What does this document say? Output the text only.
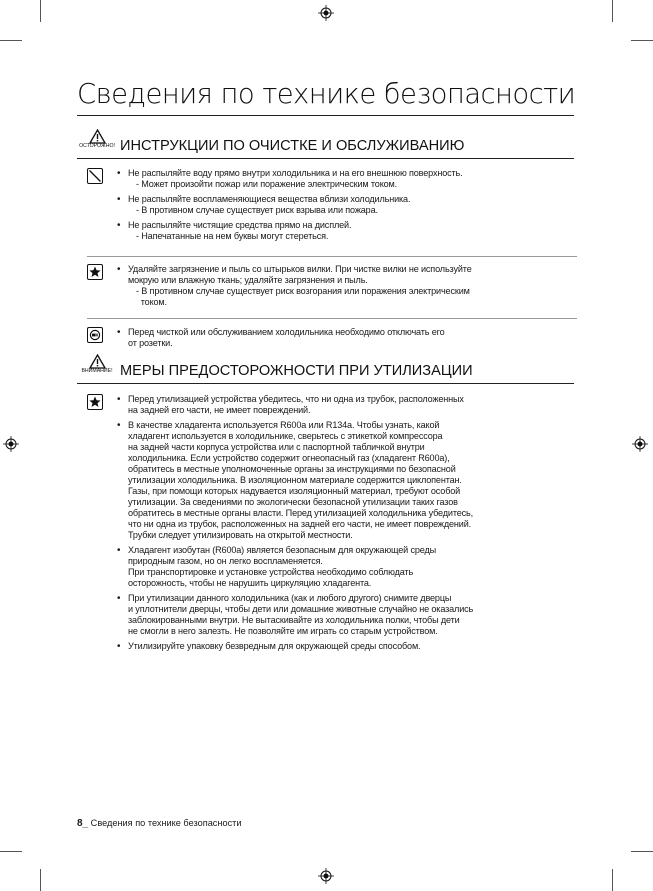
Сведения по технике безопасности
ОСТОРОЖНО! ИНСТРУКЦИИ ПО ОЧИСТКЕ И ОБСЛУЖИВАНИЮ
• Не распыляйте воду прямо внутри холодильника и на его внешнюю поверхность.
- Может произойти пожар или поражение электрическим током.
• Не распыляйте воспламеняющиеся вещества вблизи холодильника.
- В противном случае существует риск взрыва или пожара.
• Не распыляйте чистящие средства прямо на дисплей.
- Напечатанные на нем буквы могут стереться.
• Удаляйте загрязнение и пыль со штырьков вилки. При чистке вилки не используйте
мокрую или влажную ткань; удаляйте загрязнения и пыль.
- В противном случае существует риск возгорания или поражения электрическим
током.
• Перед чисткой или обслуживанием холодильника необходимо отключать его
от розетки.
ВНИМАНИЕ! МЕРЫ ПРЕДОСТОРОЖНОСТИ ПРИ УТИЛИЗАЦИИ
• Перед утилизацией устройства убедитесь, что ни одна из трубок, расположенных
на задней его части, не имеет повреждений.
• В качестве хладагента используется R600a или R134a. Чтобы узнать, какой
хладагент используется в холодильнике, сверьтесь с этикеткой компрессора
на задней части корпуса устройства или с паспортной табличкой внутри
холодильника. Если устройство содержит огнеопасный газ (хладагент R600a),
обратитесь в местные уполномоченные органы за инструкциями по безопасной
утилизации холодильника. В изоляционном материале содержится циклопентан.
Газы, при помощи которых надувается изоляционный материал, требуют особой
утилизации. За сведениями по экологически безопасной утилизации таких газов
обратитесь в местные органы власти. Перед утилизацией холодильника убедитесь,
что ни одна из трубок, расположенных на задней его части, не имеет повреждений.
Трубки следует утилизировать на открытой местности.
• Хладагент изобутан (R600a) является безопасным для окружающей среды
природным газом, но он легко воспламеняется.
При транспортировке и установке устройства необходимо соблюдать
осторожность, чтобы не нарушить циркуляцию хладагента.
• При утилизации данного холодильника (как и любого другого) снимите дверцы
и уплотнители дверцы, чтобы дети или домашние животные случайно не оказались
заблокированными внутри. Не вытаскивайте из холодильника полки, чтобы дети
не смогли в него залезть. Не позволяйте им играть со старым устройством.
• Утилизируйте упаковку безвредным для окружающей среды способом.
8_ Сведения по технике безопасности
